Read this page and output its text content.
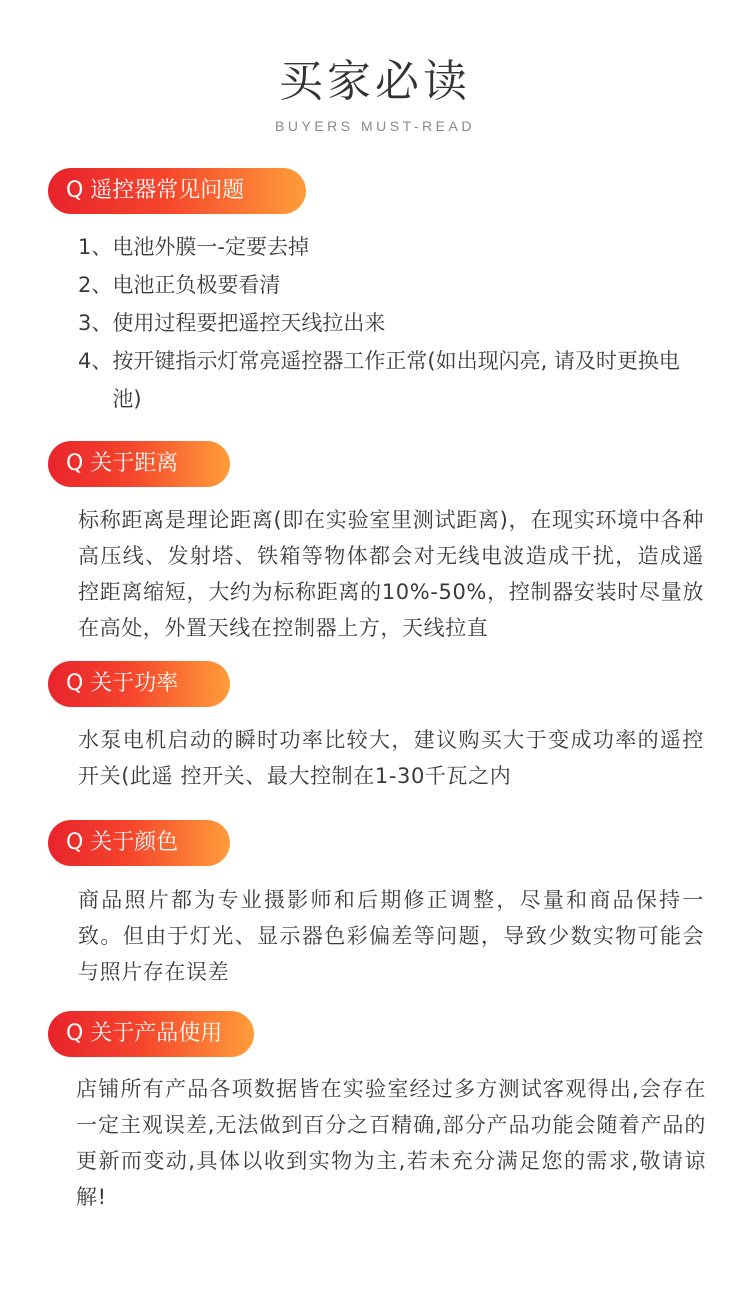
买家必读
BUYERS MUST-READ
Q 遥控器常见问题
1、 电池外膜一-定要去掉
2、 电池正负极要看清
3、 使用过程要把遥控天线拉出来
4、 按开键指示灯常亮遥控器工作正常(如出现闪亮, 请及时更换电池)
Q 关于距离
标称距离是理论距离(即在实验室里测试距离)，在现实环境中各种高压线、发射塔、铁箱等物体都会对无线电波造成干扰，造成遥控距离缩短，大约为标称距离的10%-50%，控制器安装时尽量放在高处，外置天线在控制器上方，天线拉直
Q 关于功率
水泵电机启动的瞬时功率比较大，建议购买大于变成功率的遥控开关(此遥 控开关、最大控制在1-30千瓦之内
Q 关于颜色
商品照片都为专业摄影师和后期修正调整，尽量和商品保持一致。但由于灯光、显示器色彩偏差等问题，导致少数实物可能会与照片存在误差
Q 关于产品使用
店铺所有产品各项数据皆在实验室经过多方测试客观得出,会存在一定主观误差,无法做到百分之百精确,部分产品功能会随着产品的更新而变动,具体以收到实物为主,若未充分满足您的需求,敬请谅解!
